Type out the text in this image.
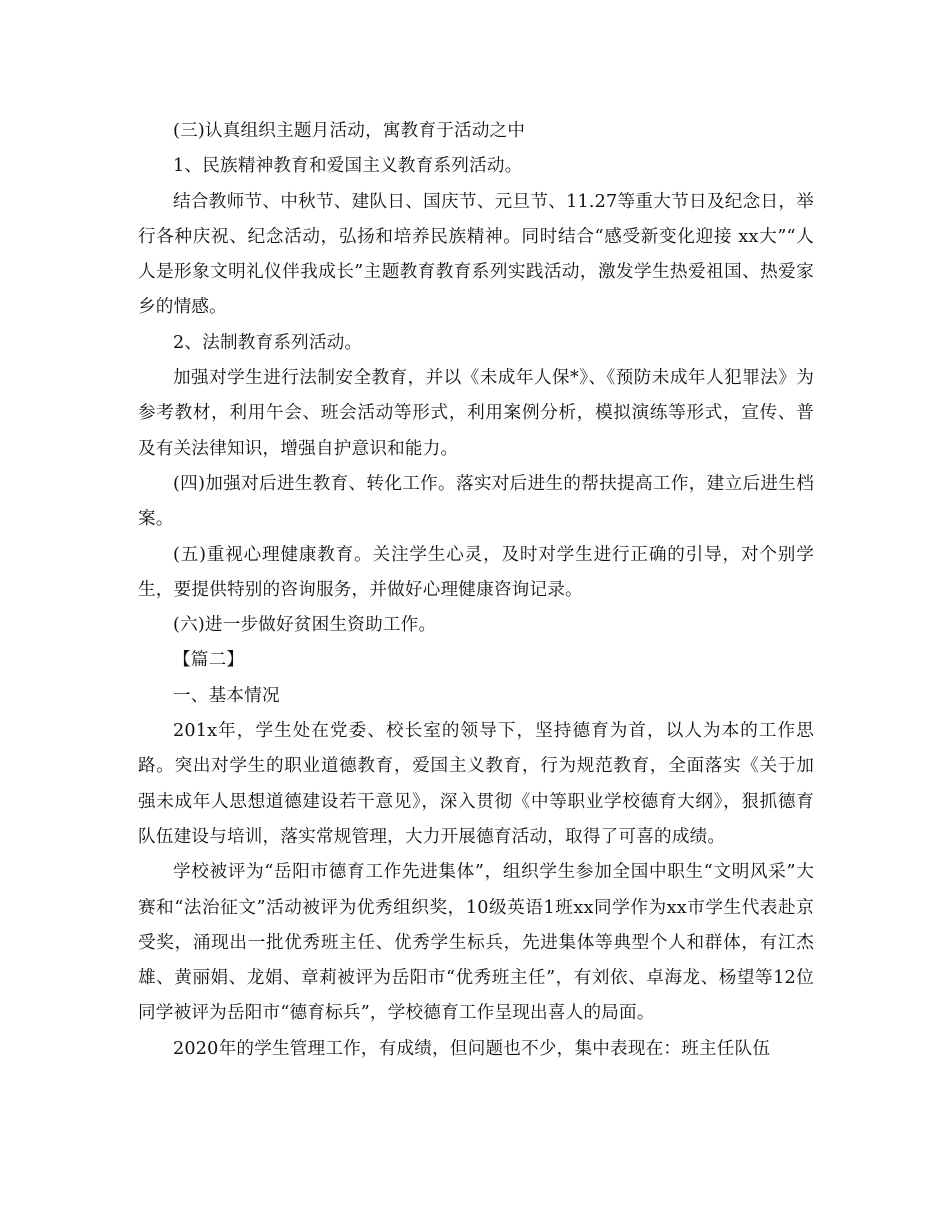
(三)认真组织主题月活动，寓教育于活动之中

1、民族精神教育和爱国主义教育系列活动。

结合教师节、中秋节、建队日、国庆节、元旦节、11.27等重大节日及纪念日，举行各种庆祝、纪念活动，弘扬和培养民族精神。同时结合“感受新变化迎接 xx大”“人人是形象文明礼仪伴我成长”主题教育教育系列实践活动，激发学生热爱祖国、热爱家乡的情感。

2、法制教育系列活动。

加强对学生进行法制安全教育，并以《未成年人保*》、《预防未成年人犯罪法》为参考教材，利用午会、班会活动等形式，利用案例分析，模拟演练等形式，宣传、普及有关法律知识，增强自护意识和能力。

(四)加强对后进生教育、转化工作。落实对后进生的帮扶提高工作，建立后进生档案。

(五)重视心理健康教育。关注学生心灵，及时对学生进行正确的引导，对个别学生，要提供特别的咨询服务，并做好心理健康咨询记录。

(六)进一步做好贫困生资助工作。

【篇二】

一、基本情况

201x年，学生处在党委、校长室的领导下，坚持德育为首，以人为本的工作思路。突出对学生的职业道德教育，爱国主义教育，行为规范教育，全面落实《关于加强未成年人思想道德建设若干意见》，深入贯彻《中等职业学校德育大纲》，狠抓德育队伍建设与培训，落实常规管理，大力开展德育活动，取得了可喜的成绩。

学校被评为“岳阳市德育工作先进集体”，组织学生参加全国中职生“文明风采”大赛和“法治征文”活动被评为优秀组织奖，10级英语1班xx同学作为xx市学生代表赴京受奖，涌现出一批优秀班主任、优秀学生标兵，先进集体等典型个人和群体，有江杰雄、黄丽娟、龙娟、章莉被评为岳阳市“优秀班主任”，有刘依、卓海龙、杨望等12位同学被评为岳阳市“德育标兵”，学校德育工作呈现出喜人的局面。

2020年的学生管理工作，有成绩，但问题也不少，集中表现在：班主任队伍
